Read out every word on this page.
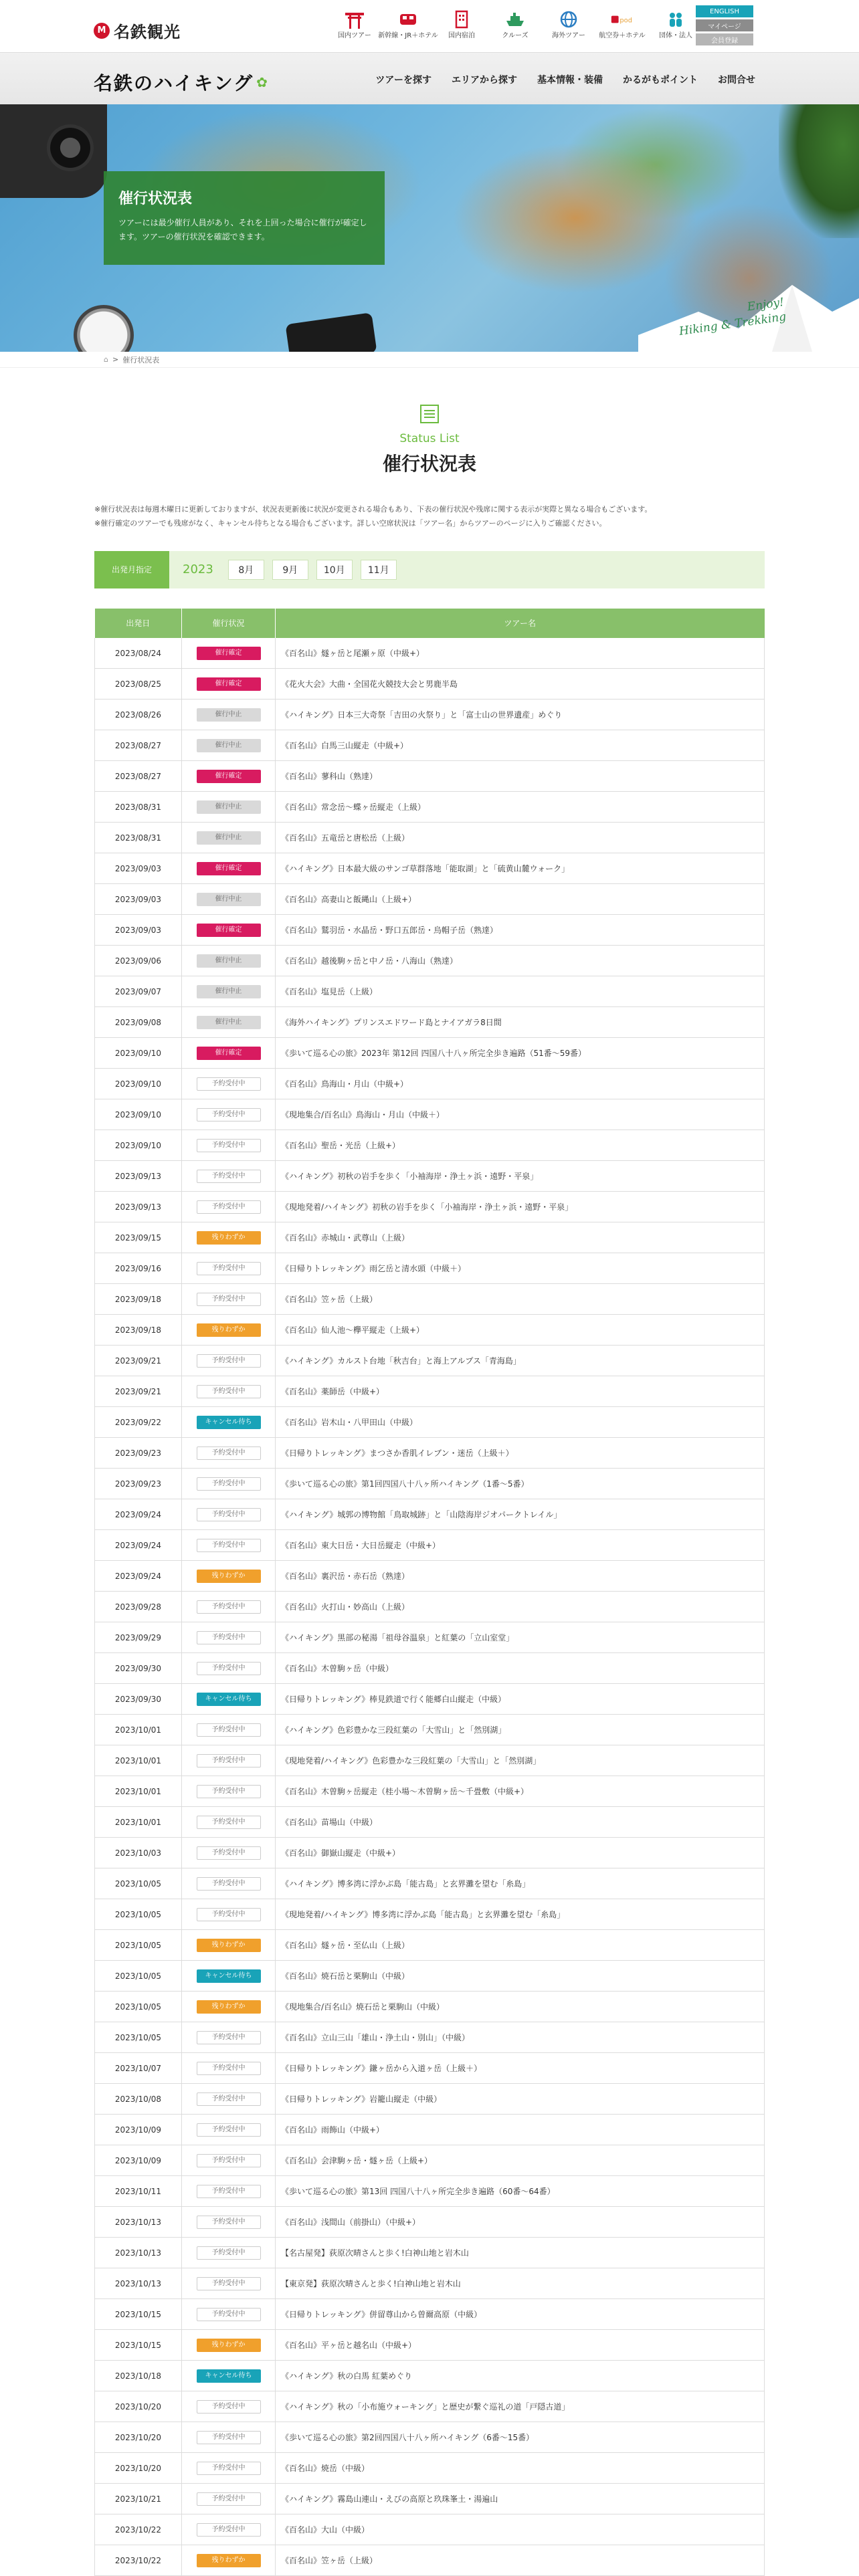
M 名鉄観光	国内ツアー 新幹線・JR＋ホテル 国内宿泊	クルーズ	海外ツアー
pod
航空券＋ホテル 団体・法人
ENGLISH
マイページ
会員登録
名鉄のハイキング ✿	ツアーを探す エリアから探す 基本情報・装備 かるがもポイント お問合せ
Enjoy!
Hiking & Trekking
催行状況表

ツアーには最少催行人員があり、それを上回った場合に催行が確定します。ツアーの催行状況を確認できます。

⌂ > 催行状況表
Status List
催行状況表

※催行状況表は毎週木曜日に更新しておりますが、状況表更新後に状況が変更される場合もあり、下表の催行状況や残席に関する表示が実際と異なる場合もございます。

※催行確定のツアーでも残席がなく、キャンセル待ちとなる場合もございます。詳しい空席状況は「ツアー名」からツアーのページに入りご確認ください。

出発月指定	2023	8月	9月	10月	11月
出発日	催行状況	ツアー名
2023/08/24	催行確定	《百名山》燧ヶ岳と尾瀬ヶ原（中級+）
2023/08/25	催行確定	《花火大会》大曲・全国花火競技大会と男鹿半島
2023/08/26	催行中止	《ハイキング》日本三大奇祭「吉田の火祭り」と「富士山の世界遺産」めぐり
2023/08/27	催行中止	《百名山》白馬三山縦走（中級+）
2023/08/27	催行確定	《百名山》蓼科山（熟達）
2023/08/31	催行中止	《百名山》常念岳～蝶ヶ岳縦走（上級）
2023/08/31	催行中止	《百名山》五竜岳と唐松岳（上級）
2023/09/03	催行確定	《ハイキング》日本最大級のサンゴ草群落地「能取湖」と「硫黄山麓ウォーク」
2023/09/03	催行中止	《百名山》高妻山と飯縄山（上級+）
2023/09/03	催行確定	《百名山》鷲羽岳・水晶岳・野口五郎岳・烏帽子岳（熟達）
2023/09/06	催行中止	《百名山》越後駒ヶ岳と中ノ岳・八海山（熟達）
2023/09/07	催行中止	《百名山》塩見岳（上級）
2023/09/08	催行中止	《海外ハイキング》プリンスエドワード島とナイアガラ8日間
2023/09/10	催行確定	《歩いて巡る心の旅》2023年 第12回 四国八十八ヶ所完全歩き遍路（51番～59番）
2023/09/10	予約受付中	《百名山》鳥海山・月山（中級+）
2023/09/10	予約受付中	《現地集合/百名山》鳥海山・月山（中級＋）
2023/09/10	予約受付中	《百名山》聖岳・光岳（上級+）
2023/09/13	予約受付中	《ハイキング》初秋の岩手を歩く「小袖海岸・浄土ヶ浜・遠野・平泉」
2023/09/13	予約受付中	《現地発着/ハイキング》初秋の岩手を歩く「小袖海岸・浄土ヶ浜・遠野・平泉」
2023/09/15	残りわずか	《百名山》赤城山・武尊山（上級）
2023/09/16	予約受付中	《日帰りトレッキング》雨乞岳と清水頭（中級＋）
2023/09/18	予約受付中	《百名山》笠ヶ岳（上級）
2023/09/18	残りわずか	《百名山》仙人池～欅平縦走（上級+）
2023/09/21	予約受付中	《ハイキング》カルスト台地「秋吉台」と海上アルプス「青海島」
2023/09/21	予約受付中	《百名山》薬師岳（中級+）
2023/09/22	キャンセル待ち	《百名山》岩木山・八甲田山（中級）
2023/09/23	予約受付中	《日帰りトレッキング》まつさか香肌イレブン・迷岳（上級＋）
2023/09/23	予約受付中	《歩いて巡る心の旅》第1回四国八十八ヶ所ハイキング（1番～5番）
2023/09/24	予約受付中	《ハイキング》城郭の博物館「鳥取城跡」と「山陰海岸ジオパークトレイル」
2023/09/24	予約受付中	《百名山》東大日岳・大日岳縦走（中級+）
2023/09/24	残りわずか	《百名山》裏沢岳・赤石岳（熟達）
2023/09/28	予約受付中	《百名山》火打山・妙高山（上級）
2023/09/29	予約受付中	《ハイキング》黒部の秘湯「祖母谷温泉」と紅葉の「立山室堂」
2023/09/30	予約受付中	《百名山》木曽駒ヶ岳（中級）
2023/09/30	キャンセル待ち	《日帰りトレッキング》棒見鉄道で行く能郷白山縦走（中級）
2023/10/01	予約受付中	《ハイキング》色彩豊かな三段紅葉の「大雪山」と「然別湖」
2023/10/01	予約受付中	《現地発着/ハイキング》色彩豊かな三段紅葉の「大雪山」と「然別湖」
2023/10/01	予約受付中	《百名山》木曽駒ヶ岳縦走（桂小場～木曽駒ヶ岳～千畳敷（中級+）
2023/10/01	予約受付中	《百名山》苗場山（中級）
2023/10/03	予約受付中	《百名山》御嶽山縦走（中級+）
2023/10/05	予約受付中	《ハイキング》博多湾に浮かぶ島「能古島」と玄界灘を望む「糸島」
2023/10/05	予約受付中	《現地発着/ハイキング》博多湾に浮かぶ島「能古島」と玄界灘を望む「糸島」
2023/10/05	残りわずか	《百名山》燧ヶ岳・至仏山（上級）
2023/10/05	キャンセル待ち	《百名山》焼石岳と栗駒山（中級）
2023/10/05	残りわずか	《現地集合/百名山》焼石岳と栗駒山（中級）
2023/10/05	予約受付中	《百名山》立山三山「雄山・浄土山・別山」（中級）
2023/10/07	予約受付中	《日帰りトレッキング》鎌ヶ岳から入道ヶ岳（上級＋）
2023/10/08	予約受付中	《日帰りトレッキング》岩籠山縦走（中級）
2023/10/09	予約受付中	《百名山》雨飾山（中級+）
2023/10/09	予約受付中	《百名山》会津駒ヶ岳・燧ヶ岳（上級+）
2023/10/11	予約受付中	《歩いて巡る心の旅》第13回 四国八十八ヶ所完全歩き遍路（60番～64番）
2023/10/13	予約受付中	《百名山》浅間山（前掛山）（中級+）
2023/10/13	予約受付中	【名古屋発】荻原次晴さんと歩く!白神山地と岩木山
2023/10/13	予約受付中	【東京発】荻原次晴さんと歩く!白神山地と岩木山
2023/10/15	予約受付中	《日帰りトレッキング》併留尊山から曽爾高原（中級）
2023/10/15	残りわずか	《百名山》平ヶ岳と越名山（中級+）
2023/10/18	キャンセル待ち	《ハイキング》秋の白馬 紅葉めぐり
2023/10/20	予約受付中	《ハイキング》秋の「小布施ウォーキング」と歴史が繋ぐ巡礼の道「戸隠古道」
2023/10/20	予約受付中	《歩いて巡る心の旅》第2回四国八十八ヶ所ハイキング（6番～15番）
2023/10/20	予約受付中	《百名山》焼岳（中級）
2023/10/21	予約受付中	《ハイキング》霧島山連山・えびの高原と玖珠峯土・湯遍山
2023/10/22	予約受付中	《百名山》大山（中級）
2023/10/22	残りわずか	《百名山》笠ヶ岳（上級）
